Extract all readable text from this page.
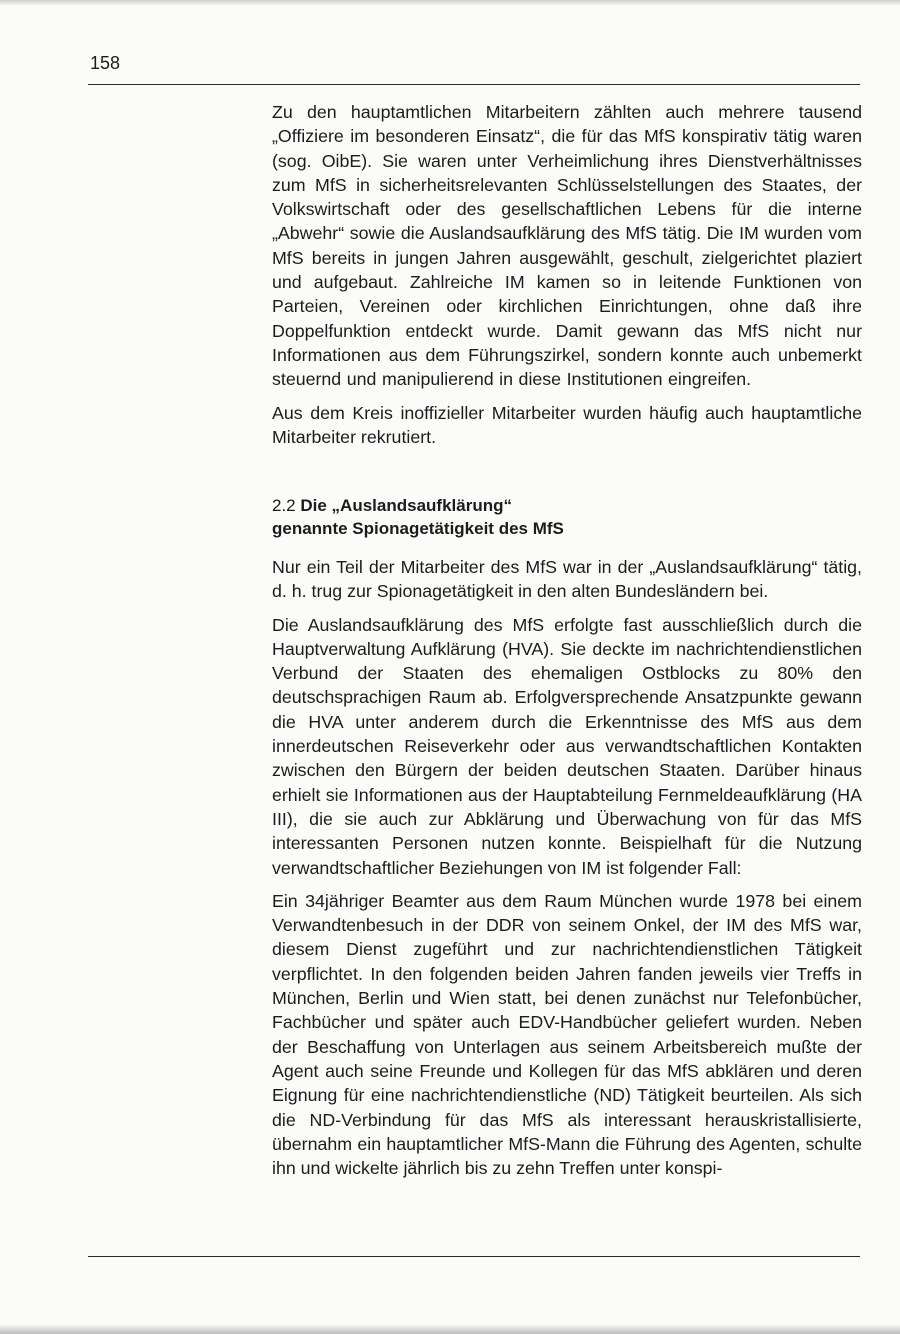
158

Zu den hauptamtlichen Mitarbeitern zählten auch mehrere tausend „Offiziere im besonderen Einsatz“, die für das MfS konspirativ tätig waren (sog. OibE). Sie waren unter Verheimlichung ihres Dienstverhältnisses zum MfS in sicherheitsrelevanten Schlüsselstellungen des Staates, der Volkswirtschaft oder des gesellschaftlichen Lebens für die interne „Abwehr“ sowie die Auslandsaufklärung des MfS tätig. Die IM wurden vom MfS bereits in jungen Jahren ausgewählt, geschult, zielgerichtet plaziert und aufgebaut. Zahlreiche IM kamen so in leitende Funktionen von Parteien, Vereinen oder kirchlichen Einrichtungen, ohne daß ihre Doppelfunktion entdeckt wurde. Damit gewann das MfS nicht nur Informationen aus dem Führungszirkel, sondern konnte auch unbemerkt steuernd und manipulierend in diese Institutionen eingreifen.

Aus dem Kreis inoffizieller Mitarbeiter wurden häufig auch hauptamtliche Mitarbeiter rekrutiert.

2.2 Die „Auslandsaufklärung“
genannte Spionagetätigkeit des MfS

Nur ein Teil der Mitarbeiter des MfS war in der „Auslandsaufklärung“ tätig, d. h. trug zur Spionagetätigkeit in den alten Bundesländern bei.

Die Auslandsaufklärung des MfS erfolgte fast ausschließlich durch die Hauptverwaltung Aufklärung (HVA). Sie deckte im nachrichtendienstlichen Verbund der Staaten des ehemaligen Ostblocks zu 80% den deutschsprachigen Raum ab. Erfolgversprechende Ansatzpunkte gewann die HVA unter anderem durch die Erkenntnisse des MfS aus dem innerdeutschen Reiseverkehr oder aus verwandtschaftlichen Kontakten zwischen den Bürgern der beiden deutschen Staaten. Darüber hinaus erhielt sie Informationen aus der Hauptabteilung Fernmeldeaufklärung (HA III), die sie auch zur Abklärung und Überwachung von für das MfS interessanten Personen nutzen konnte. Beispielhaft für die Nutzung verwandtschaftlicher Beziehungen von IM ist folgender Fall:

Ein 34jähriger Beamter aus dem Raum München wurde 1978 bei einem Verwandtenbesuch in der DDR von seinem Onkel, der IM des MfS war, diesem Dienst zugeführt und zur nachrichtendienstlichen Tätigkeit verpflichtet. In den folgenden beiden Jahren fanden jeweils vier Treffs in München, Berlin und Wien statt, bei denen zunächst nur Telefonbücher, Fachbücher und später auch EDV-Handbücher geliefert wurden. Neben der Beschaffung von Unterlagen aus seinem Arbeitsbereich mußte der Agent auch seine Freunde und Kollegen für das MfS abklären und deren Eignung für eine nachrichtendienstliche (ND) Tätigkeit beurteilen. Als sich die ND-Verbindung für das MfS als interessant herauskristallisierte, übernahm ein hauptamtlicher MfS-Mann die Führung des Agenten, schulte ihn und wickelte jährlich bis zu zehn Treffen unter konspi-
